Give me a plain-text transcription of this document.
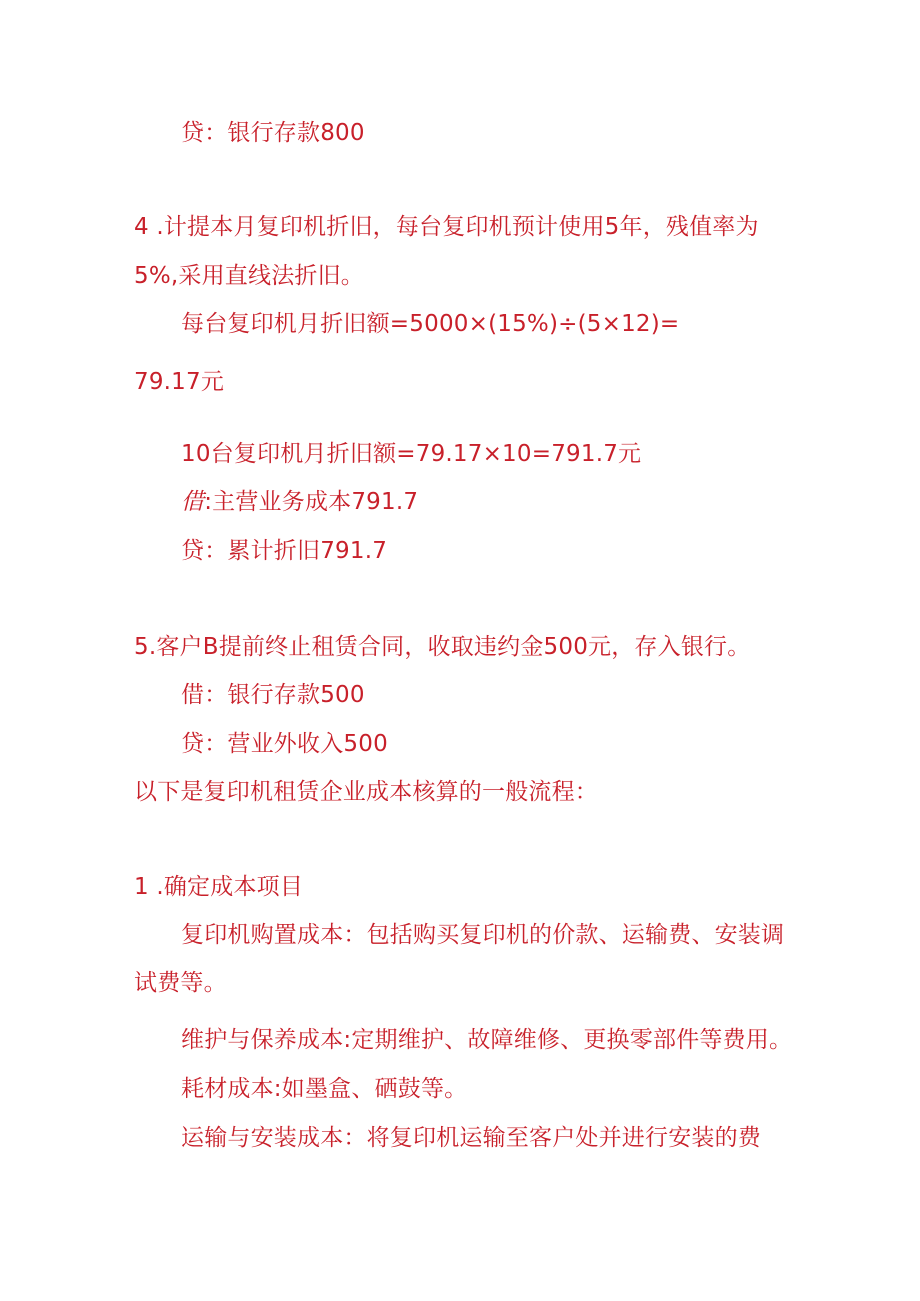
贷：银行存款800
4 .计提本月复印机折旧，每台复印机预计使用5年，残值率为
5%,采用直线法折旧。
每台复印机月折旧额=5000×(15%)÷(5×12)=
79.17元
10台复印机月折旧额=79.17×10=791.7元
借:主营业务成本791.7
贷：累计折旧791.7
5.客户B提前终止租赁合同，收取违约金500元，存入银行。
借：银行存款500
贷：营业外收入500
以下是复印机租赁企业成本核算的一般流程：
1 .确定成本项目
复印机购置成本：包括购买复印机的价款、运输费、安装调
试费等。
维护与保养成本:定期维护、故障维修、更换零部件等费用。
耗材成本:如墨盒、硒鼓等。
运输与安装成本：将复印机运输至客户处并进行安装的费
